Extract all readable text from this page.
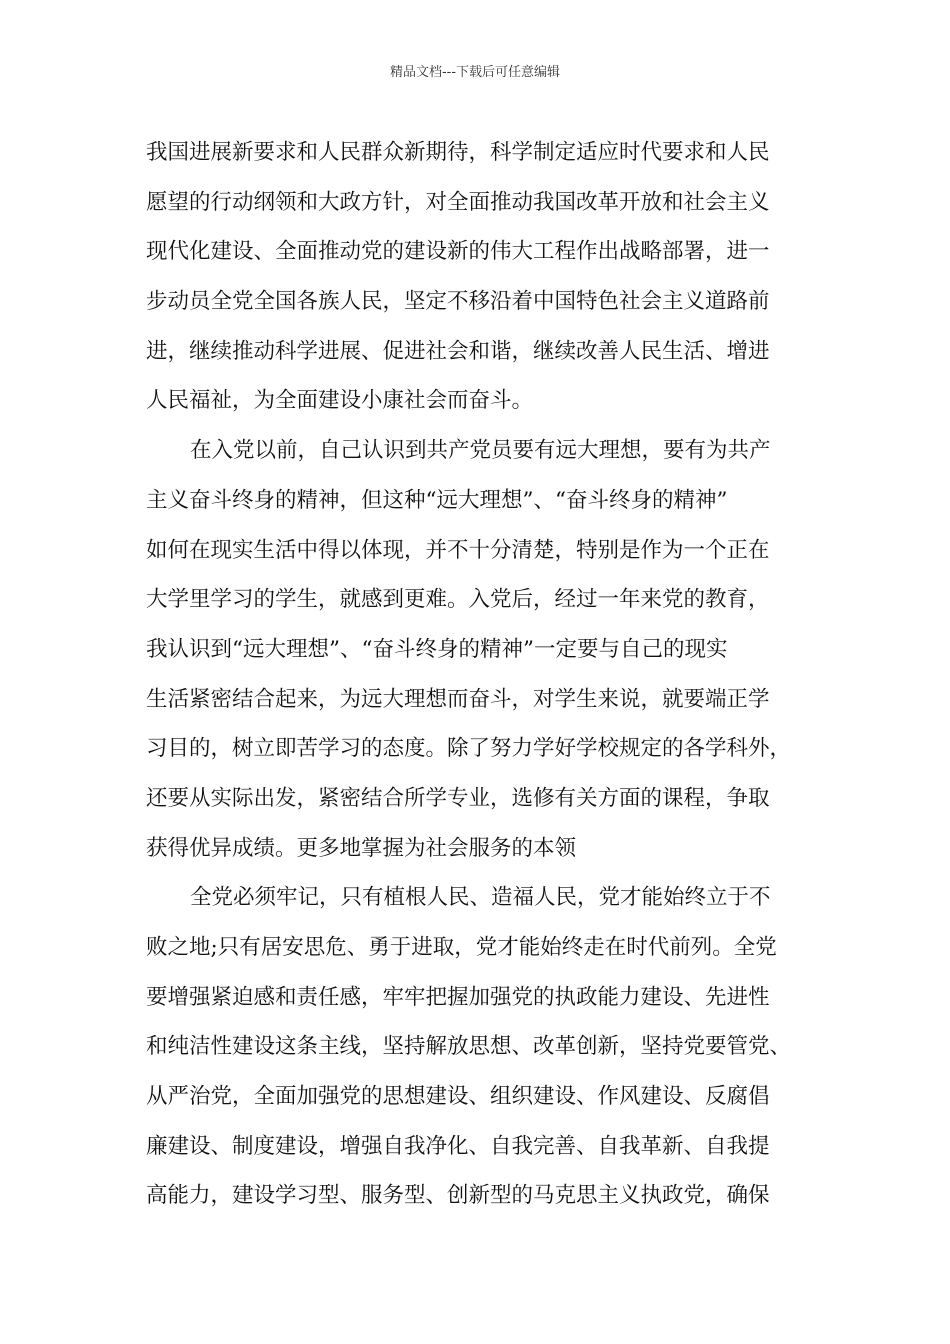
精品文档---下载后可任意编辑
我国进展新要求和人民群众新期待，科学制定适应时代要求和人民
愿望的行动纲领和大政方针，对全面推动我国改革开放和社会主义
现代化建设、全面推动党的建设新的伟大工程作出战略部署，进一
步动员全党全国各族人民，坚定不移沿着中国特色社会主义道路前
进，继续推动科学进展、促进社会和谐，继续改善人民生活、增进
人民福祉，为全面建设小康社会而奋斗。
在入党以前，自己认识到共产党员要有远大理想，要有为共产
主义奋斗终身的精神，但这种“远大理想”、“奋斗终身的精神”
如何在现实生活中得以体现，并不十分清楚，特别是作为一个正在
大学里学习的学生，就感到更难。入党后，经过一年来党的教育，
我认识到“远大理想”、“奋斗终身的精神”一定要与自己的现实
生活紧密结合起来，为远大理想而奋斗，对学生来说，就要端正学
习目的，树立即苦学习的态度。除了努力学好学校规定的各学科外，
还要从实际出发，紧密结合所学专业，选修有关方面的课程，争取
获得优异成绩。更多地掌握为社会服务的本领
全党必须牢记，只有植根人民、造福人民，党才能始终立于不
败之地;只有居安思危、勇于进取，党才能始终走在时代前列。全党
要增强紧迫感和责任感，牢牢把握加强党的执政能力建设、先进性
和纯洁性建设这条主线，坚持解放思想、改革创新，坚持党要管党、
从严治党，全面加强党的思想建设、组织建设、作风建设、反腐倡
廉建设、制度建设，增强自我净化、自我完善、自我革新、自我提
高能力，建设学习型、服务型、创新型的马克思主义执政党，确保
